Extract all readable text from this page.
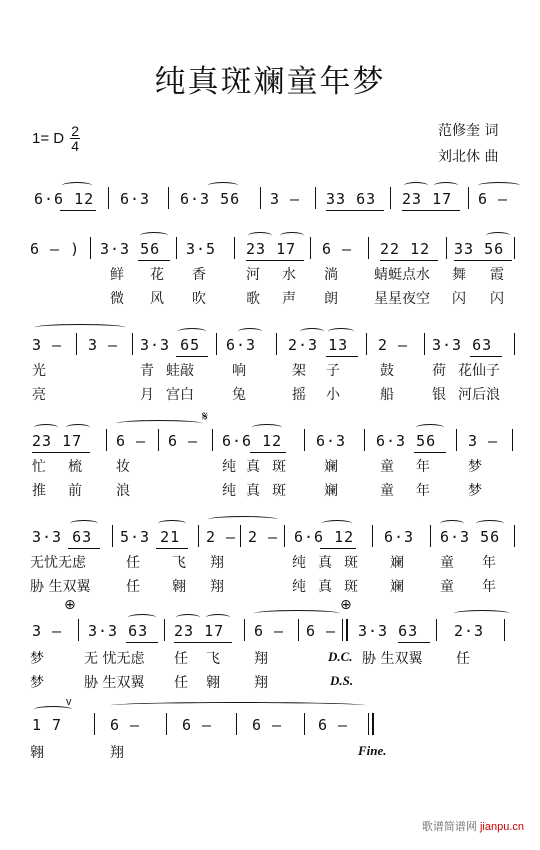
纯真斑斓童年梦
1= D $\frac{2}{4}$	范修奎 词
刘北休 曲
6·6 12 6·3 6·3 56 3 – 33 63 23 17 6 –
6 – ) 3·3 56 3·5 23 17 6 – 22 12 33 56
鲜 花 香	河 水 淌	蜻蜓点水 舞 霞
微 风 吹	歌 声 朗	星星夜空 闪 闪
3 – 3 – 3·3 65 6·3 2·3 13 2 – 3·3 63
光	青 蛙敲	响	架 子	鼓	荷 花仙子
亮	月 宫白	兔	摇 小	船	银 河后浪
𝄋
23 17 6 – 6 – 6·6 12 6·3 6·3 56 3 –
忙 梳 妆	纯 真 斑	斓	童 年	梦
推 前 浪	纯 真 斑	斓	童 年	梦
3·3 63 5·3 21 2 – 2 – 6·6 12 6·3 6·3 56
无忧无虑	任 飞 翔	纯 真 斑 斓	童 年
胁 生双翼	任 翱 翔	纯 真 斑 斓	童 年
⊕	⊕
3 – 3·3 63 23 17 6 – 6 – 3·3 63 2·3
梦	无 忧无虑 任 飞 翔	D.C. 胁 生双翼 任
梦	胁 生双翼 任 翱 翔	D.S.
v
1 7	6 –	6 –	6 – 6 –
翱	翔	Fine.
歌谱简谱网 jianpu.cn
